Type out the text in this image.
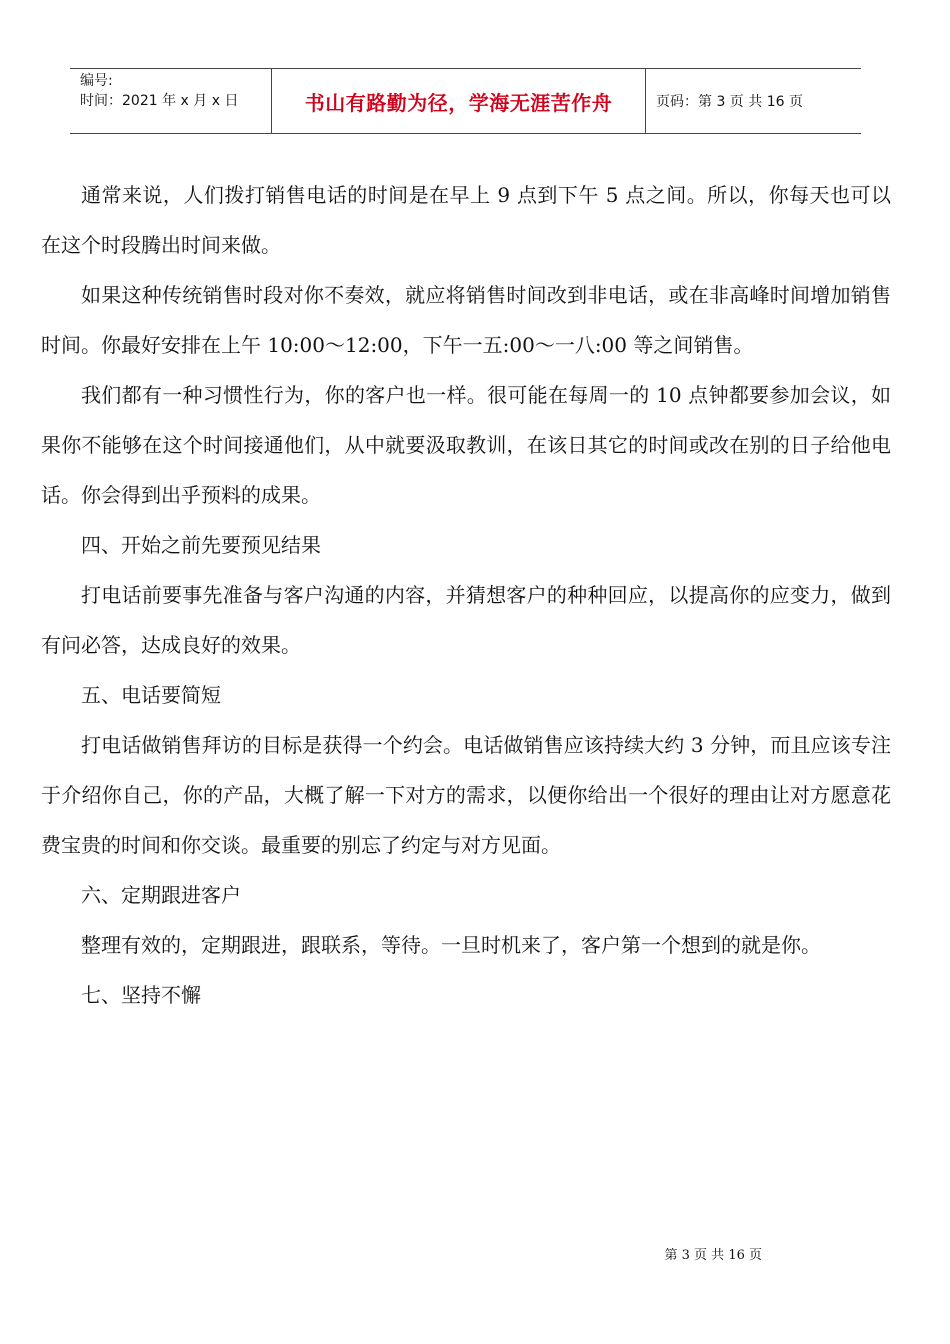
编号:
时间：2021 年 x 月 x 日	书山有路勤为径，学海无涯苦作舟	页码：第 3 页 共 16 页

通常来说，人们拨打销售电话的时间是在早上 9 点到下午 5 点之间。所以，你每天也可以在这个时段腾出时间来做。

如果这种传统销售时段对你不奏效，就应将销售时间改到非电话，或在非高峰时间增加销售时间。你最好安排在上午 10:00～12:00，下午一五:00～一八:00 等之间销售。

我们都有一种习惯性行为，你的客户也一样。很可能在每周一的 10 点钟都要参加会议，如果你不能够在这个时间接通他们，从中就要汲取教训，在该日其它的时间或改在别的日子给他电话。你会得到出乎预料的成果。

四、开始之前先要预见结果

打电话前要事先准备与客户沟通的内容，并猜想客户的种种回应，以提高你的应变力，做到有问必答，达成良好的效果。

五、电话要简短

打电话做销售拜访的目标是获得一个约会。电话做销售应该持续大约 3 分钟，而且应该专注于介绍你自己，你的产品，大概了解一下对方的需求，以便你给出一个很好的理由让对方愿意花费宝贵的时间和你交谈。最重要的别忘了约定与对方见面。

六、定期跟进客户

整理有效的，定期跟进，跟联系，等待。一旦时机来了，客户第一个想到的就是你。

七、坚持不懈

第 3 页 共 16 页
